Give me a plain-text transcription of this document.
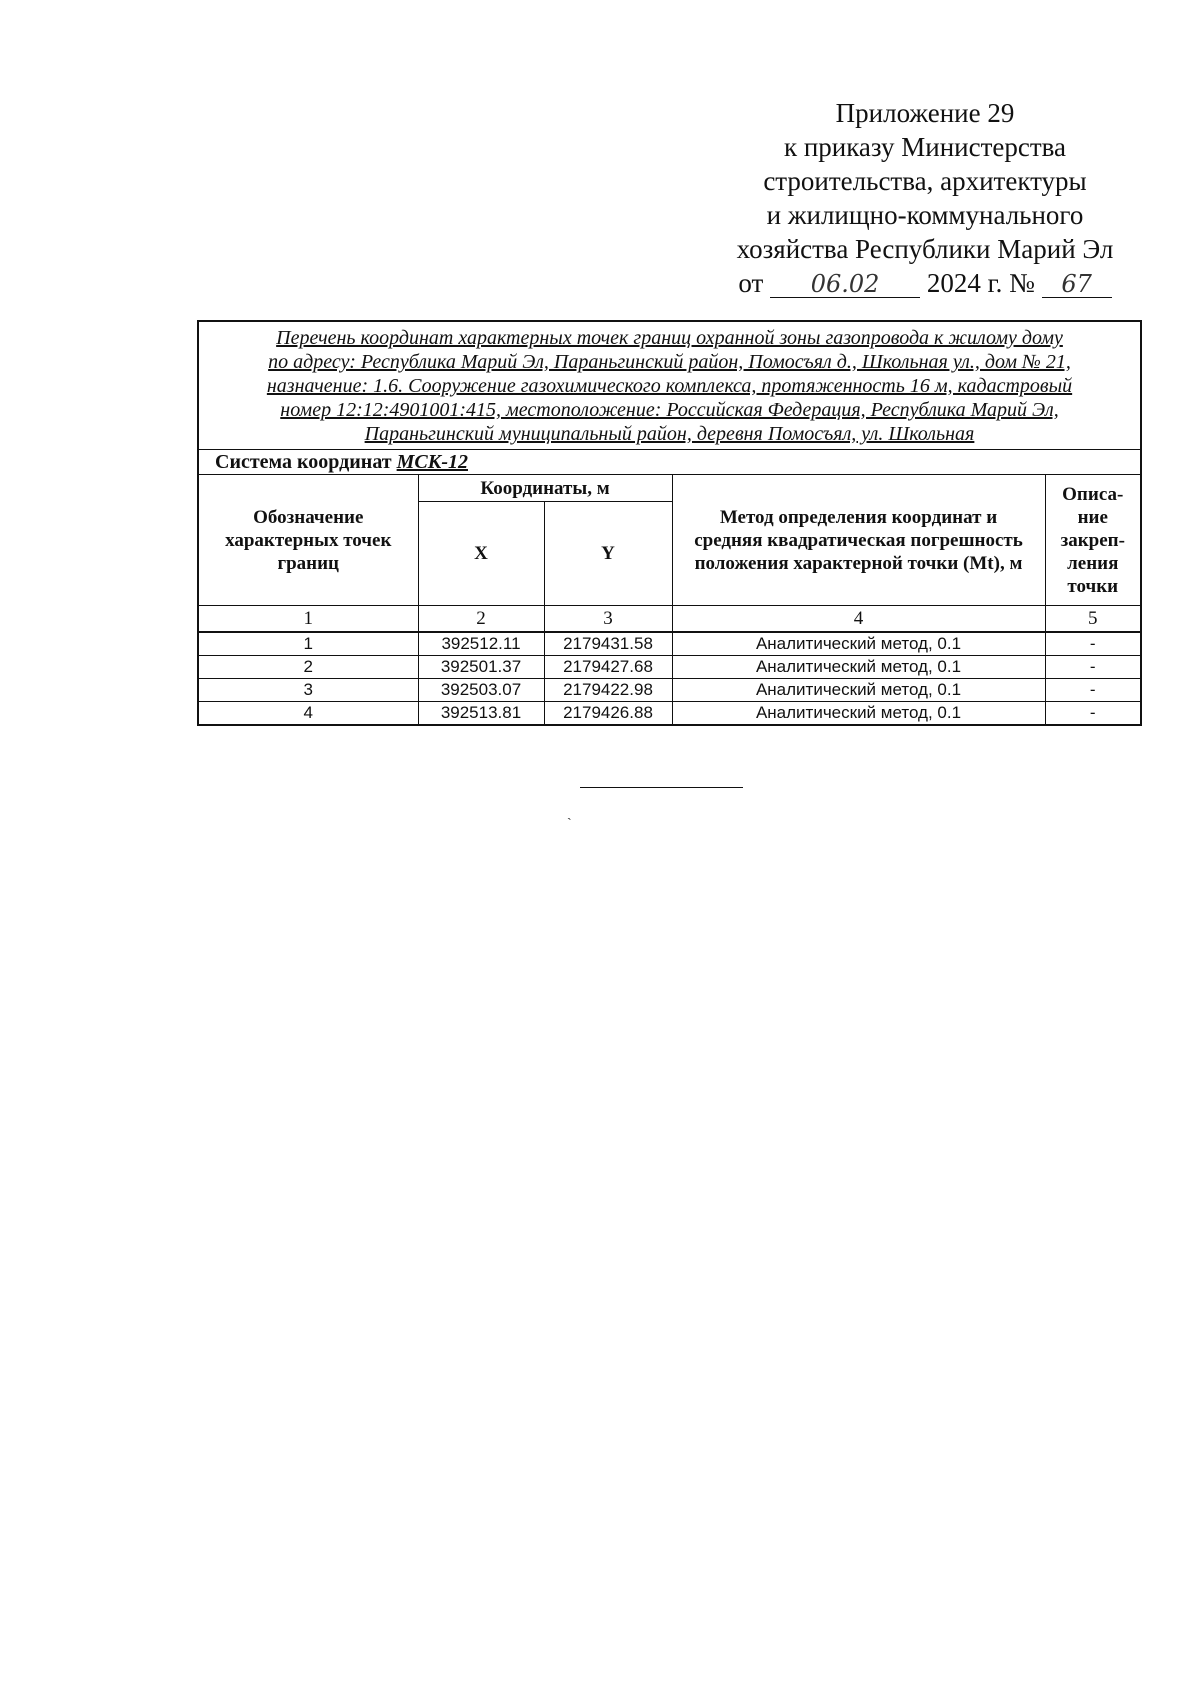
Приложение 29
к приказу Министерства
строительства, архитектуры
и жилищно-коммунального
хозяйства Республики Марий Эл
от 06.02 2024 г. № 67
Перечень координат характерных точек границ охранной зоны газопровода к жилому дому
по адресу: Республика Марий Эл, Параньгинский район, Помосъял д., Школьная ул., дом № 21,
назначение: 1.6. Сооружение газохимического комплекса, протяженность 16 м, кадастровый
номер 12:12:4901001:415, местоположение: Российская Федерация, Республика Марий Эл,
Параньгинский муниципальный район, деревня Помосъял, ул. Школьная
Система координат МСК-12
Обозначение характерных точек границ	Координаты, м		Метод определения координат и средняя квадратическая погрешность положения характерной точки (Mt), м	Описа-ние закреп-ления точки
	X	Y		
1	2	3	4	5
1	392512.11	2179431.58	Аналитический метод, 0.1	-
2	392501.37	2179427.68	Аналитический метод, 0.1	-
3	392503.07	2179422.98	Аналитический метод, 0.1	-
4	392513.81	2179426.88	Аналитический метод, 0.1	-
ˏ
